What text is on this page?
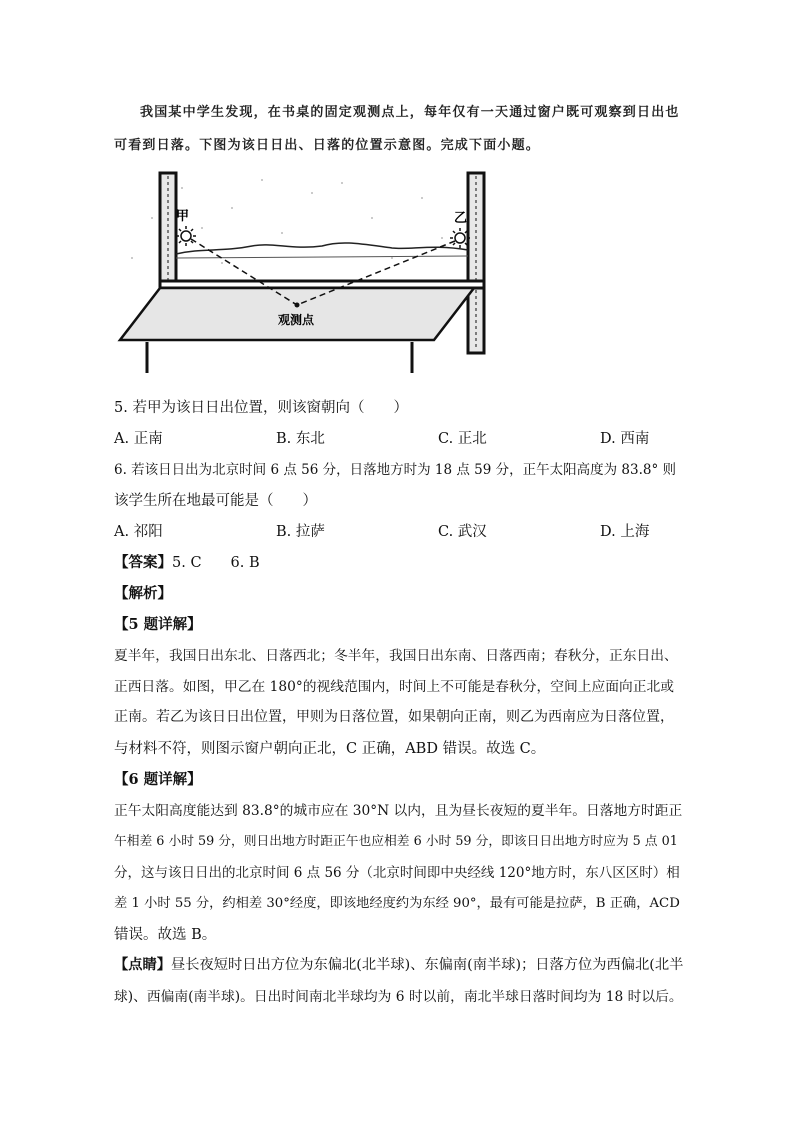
我国某中学生发现，在书桌的固定观测点上，每年仅有一天通过窗户既可观察到日出也
可看到日落。下图为该日日出、日落的位置示意图。完成下面小题。
甲	乙
观测点
5. 若甲为该日日出位置，则该窗朝向（　　）
A. 正南	B. 东北	C. 正北	D. 西南
6. 若该日日出为北京时间 6 点 56 分，日落地方时为 18 点 59 分，正午太阳高度为 83.8° 则
该学生所在地最可能是（　　）
A. 祁阳	B. 拉萨	C. 武汉	D. 上海
【答案】5. C　　6. B
【解析】
【5 题详解】
夏半年，我国日出东北、日落西北；冬半年，我国日出东南、日落西南；春秋分，正东日出、
正西日落。如图，甲乙在 180°的视线范围内，时间上不可能是春秋分，空间上应面向正北或
正南。若乙为该日日出位置，甲则为日落位置，如果朝向正南，则乙为西南应为日落位置，
与材料不符，则图示窗户朝向正北，C 正确，ABD 错误。故选 C。
【6 题详解】
正午太阳高度能达到 83.8°的城市应在 30°N 以内，且为昼长夜短的夏半年。日落地方时距正
午相差 6 小时 59 分，则日出地方时距正午也应相差 6 小时 59 分，即该日日出地方时应为 5 点 01
分，这与该日日出的北京时间 6 点 56 分（北京时间即中央经线 120°地方时，东八区区时）相
差 1 小时 55 分，约相差 30°经度，即该地经度约为东经 90°，最有可能是拉萨，B 正确，ACD
错误。故选 B。
【点睛】昼长夜短时日出方位为东偏北(北半球)、东偏南(南半球)；日落方位为西偏北(北半
球)、西偏南(南半球)。日出时间南北半球均为 6 时以前，南北半球日落时间均为 18 时以后。
